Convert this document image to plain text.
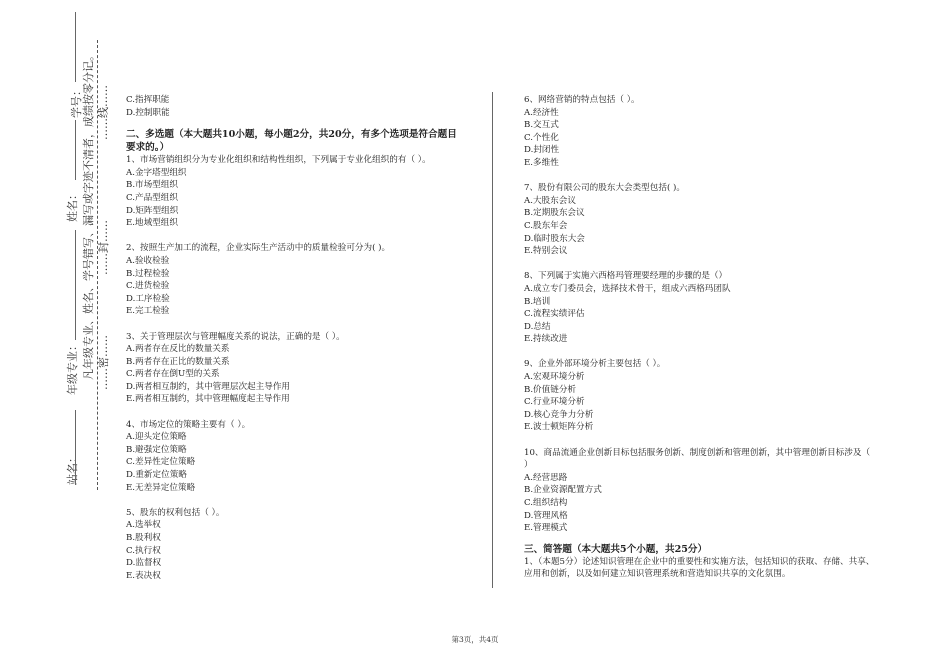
学号： ……线……
姓名： 凡年级专业、姓名、学号错写、漏写或字迹不清者，成绩按零分记。 ……封……
年级专业： ……密……
站名：

C.指挥职能

D.控制职能

二、多选题（本大题共10小题，每小题2分，共20分，有多个选项是符合题目
要求的。）

1、市场营销组织分为专业化组织和结构性组织，下列属于专业化组织的有（ ）。

A.金字塔型组织

B.市场型组织

C.产品型组织

D.矩阵型组织

E.地域型组织

2、按照生产加工的流程，企业实际生产活动中的质量检验可分为( )。

A.验收检验

B.过程检验

C.进货检验

D.工序检验

E.完工检验

3、关于管理层次与管理幅度关系的说法，正确的是（ ）。

A.两者存在反比的数量关系

B.两者存在正比的数量关系

C.两者存在倒U型的关系

D.两者相互制约，其中管理层次起主导作用

E.两者相互制约，其中管理幅度起主导作用

4、市场定位的策略主要有（ ）。

A.迎头定位策略

B.避强定位策略

C.差异性定位策略

D.重新定位策略

E.无差异定位策略

5、股东的权利包括（ ）。

A.选举权

B.股利权

C.执行权

D.监督权

E.表决权

6、网络营销的特点包括（ ）。

A.经济性

B.交互式

C.个性化

D.封闭性

E.多维性

7、股份有限公司的股东大会类型包括( )。

A.大股东会议

B.定期股东会议

C.股东年会

D.临时股东大会

E.特别会议

8、下列属于实施六西格玛管理要经理的步骤的是（）

A.成立专门委员会，选择技术骨干，组成六西格玛团队

B.培训

C.流程实绩评估

D.总结

E.持续改进

9、企业外部环境分析主要包括（ ）。

A.宏观环境分析

B.价值链分析

C.行业环境分析

D.核心竞争力分析

E.波士顿矩阵分析

10、商品流通企业创新目标包括服务创新、制度创新和管理创新，其中管理创新目标涉及（

）

A.经营思路

B.企业资源配置方式

C.组织结构

D.管理风格

E.管理模式

三、简答题（本大题共5个小题，共25分）

1、（本题5分）论述知识管理在企业中的重要性和实施方法，包括知识的获取、存储、共享、

应用和创新，以及如何建立知识管理系统和营造知识共享的文化氛围。

第3页，共4页
